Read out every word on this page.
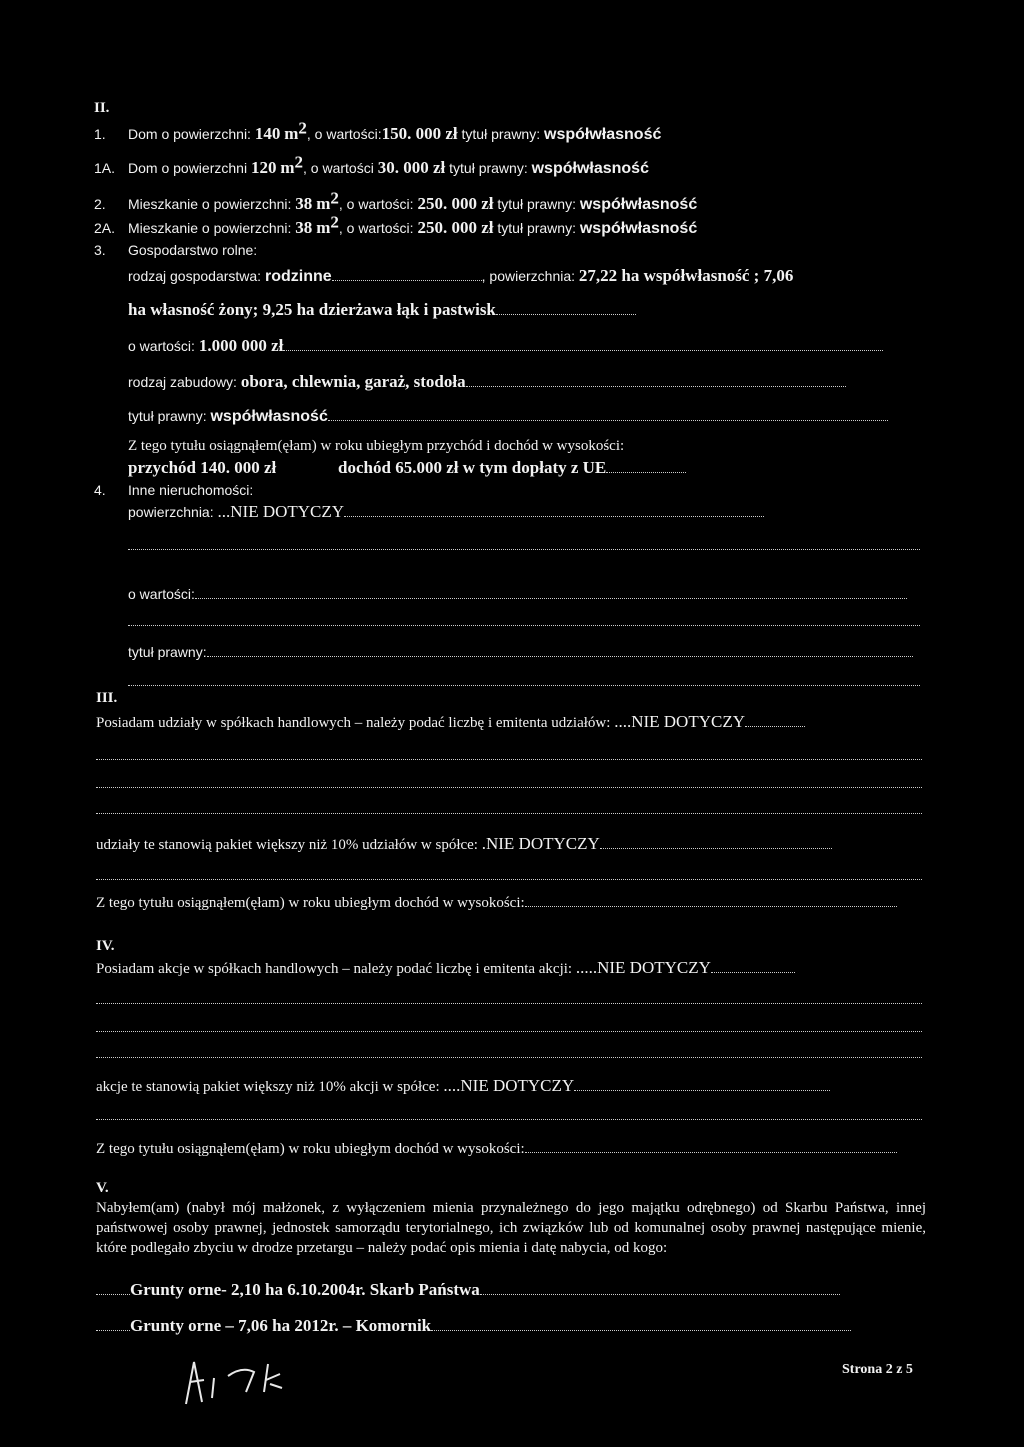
II.
1. Dom o powierzchni: 140 $m^2$, o wartości:150. 000 zł tytuł prawny: współwłasność
1A. Dom o powierzchni 120 $m^2$, o wartości 30. 000 zł tytuł prawny: współwłasność
2. Mieszkanie o powierzchni: 38 $m^2$, o wartości: 250. 000 zł tytuł prawny: współwłasność
2A. Mieszkanie o powierzchni: 38 $m^2$, o wartości: 250. 000 zł tytuł prawny: współwłasność
3. Gospodarstwo rolne:
rodzaj gospodarstwa: rodzinne	, powierzchnia: 27,22 ha współwłasność ; 7,06
ha własność żony; 9,25 ha dzierżawa łąk i pastwisk
o wartości: 1.000 000 zł
rodzaj zabudowy: obora, chlewnia, garaż, stodoła
tytuł prawny: współwłasność
Z tego tytułu osiągnąłem(ęłam) w roku ubiegłym przychód i dochód w wysokości:
przychód 140. 000 zł	dochód 65.000 zł w tym dopłaty z UE
4. Inne nieruchomości:
powierzchnia: ...NIE DOTYCZY
o wartości:
tytuł prawny:
III.
Posiadam udziały w spółkach handlowych – należy podać liczbę i emitenta udziałów: ....NIE DOTYCZY
udziały te stanowią pakiet większy niż 10% udziałów w spółce: .NIE DOTYCZY
Z tego tytułu osiągnąłem(ęłam) w roku ubiegłym dochód w wysokości:
IV.
Posiadam akcje w spółkach handlowych – należy podać liczbę i emitenta akcji: .....NIE DOTYCZY
akcje te stanowią pakiet większy niż 10% akcji w spółce: ....NIE DOTYCZY
Z tego tytułu osiągnąłem(ęłam) w roku ubiegłym dochód w wysokości:
V.
Nabyłem(am) (nabył mój małżonek, z wyłączeniem mienia przynależnego do jego majątku odrębnego) od Skarbu Państwa, innej państwowej osoby prawnej, jednostek samorządu terytorialnego, ich związków lub od komunalnej osoby prawnej następujące mienie, które podlegało zbyciu w drodze przetargu – należy podać opis mienia i datę nabycia, od kogo:
Grunty orne- 2,10 ha 6.10.2004r. Skarb Państwa
Grunty orne – 7,06 ha 2012r. – Komornik
Strona 2 z 5
